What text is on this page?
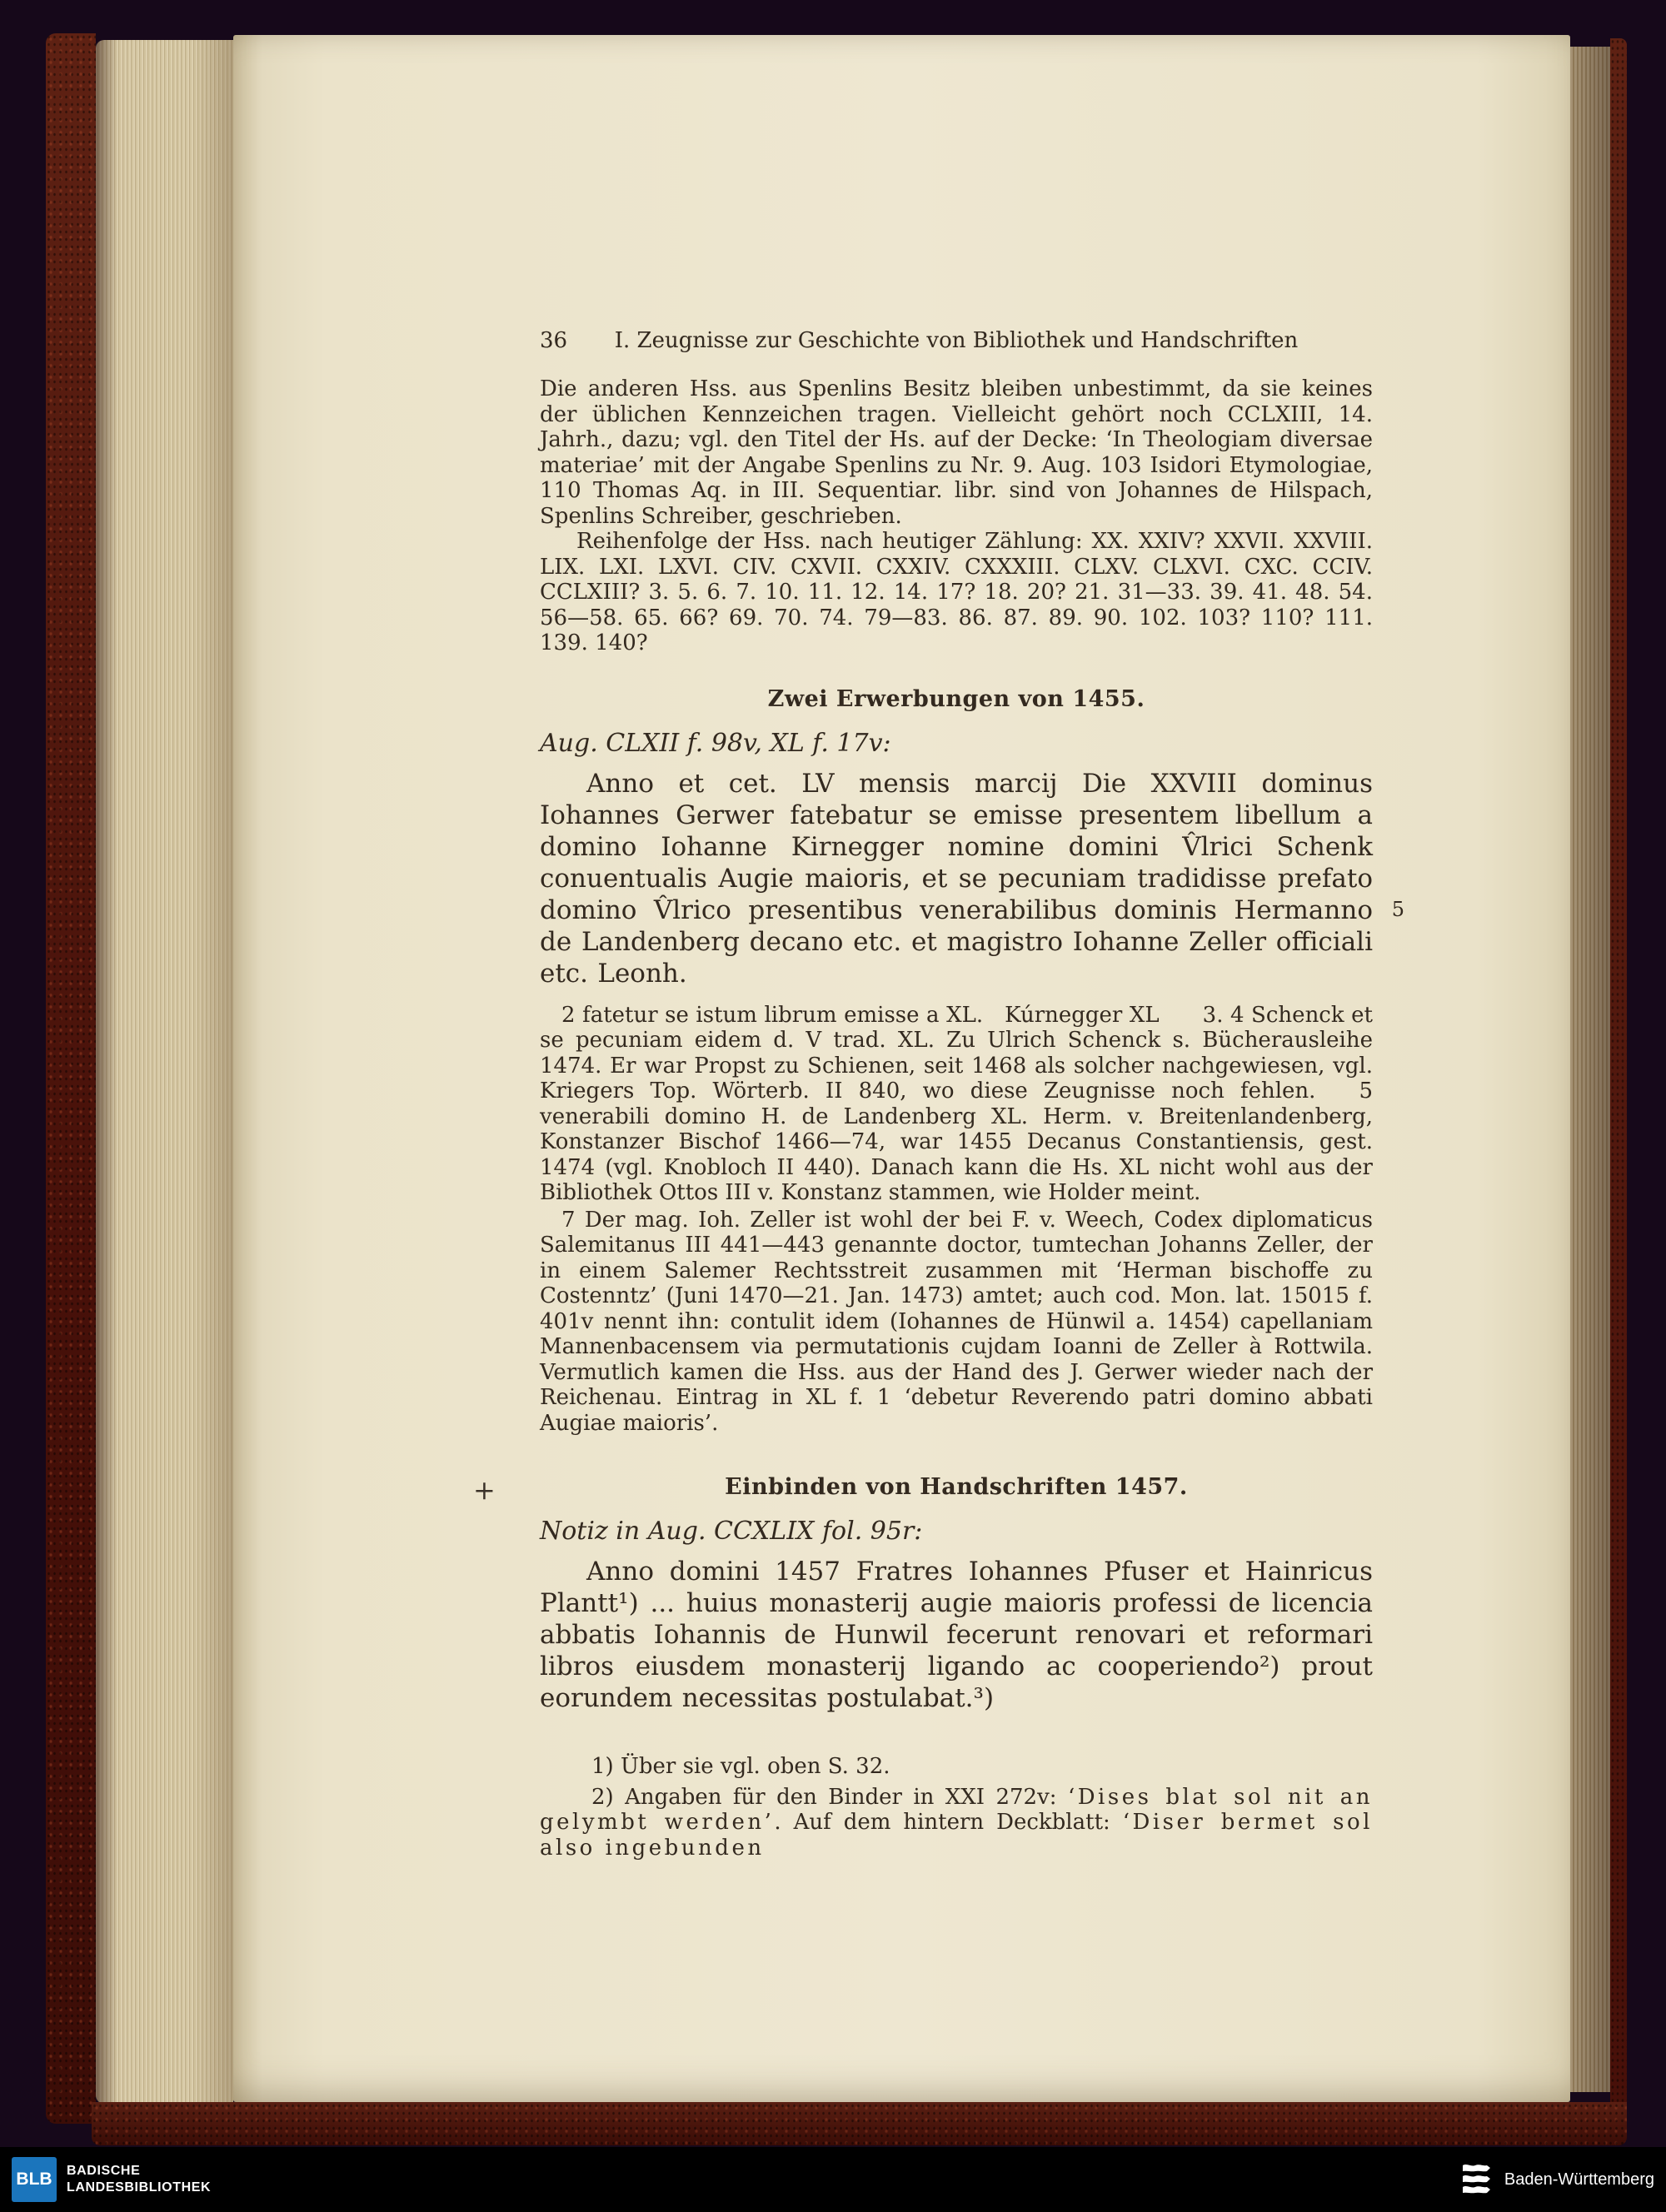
36 I. Zeugnisse zur Geschichte von Bibliothek und Handschriften

Die anderen Hss. aus Spenlins Besitz bleiben unbestimmt, da sie keines der üblichen Kennzeichen tragen. Vielleicht gehört noch CCLXIII, 14. Jahrh., dazu; vgl. den Titel der Hs. auf der Decke: ‘In Theologiam diversae materiae’ mit der Angabe Spenlins zu Nr. 9. Aug. 103 Isidori Etymologiae, 110 Thomas Aq. in III. Sequentiar. libr. sind von Johannes de Hilspach, Spenlins Schreiber, geschrieben.

Reihenfolge der Hss. nach heutiger Zählung: XX. XXIV? XXVII. XXVIII. LIX. LXI. LXVI. CIV. CXVII. CXXIV. CXXXIII. CLXV. CLXVI. CXC. CCIV. CCLXIII? 3. 5. 6. 7. 10. 11. 12. 14. 17? 18. 20? 21. 31—33. 39. 41. 48. 54. 56—58. 65. 66? 69. 70. 74. 79—83. 86. 87. 89. 90. 102. 103? 110? 111. 139. 140?

Zwei Erwerbungen von 1455.

Aug. CLXII f. 98v, XL f. 17v:

Anno et cet. LV mensis marcij Die XXVIII dominus Iohannes Gerwer fatebatur se emisse presentem libellum a domino Iohanne Kirnegger nomine domini V̂lrici Schenk conuentualis Augie maioris, et se pecuniam tradidisse prefato domino V̂lrico presentibus venerabilibus dominis Hermanno de Landenberg decano etc. et magistro Iohanne Zeller officiali etc. Leonh.

5

2 fatetur se istum librum emisse a XL. Kúrnegger XL  3. 4 Schenck et se pecuniam eidem d. V trad. XL. Zu Ulrich Schenck s. Bücherausleihe 1474. Er war Propst zu Schienen, seit 1468 als solcher nachgewiesen, vgl. Kriegers Top. Wörterb. II 840, wo diese Zeugnisse noch fehlen.  5 venerabili domino H. de Landenberg XL. Herm. v. Breitenlandenberg, Konstanzer Bischof 1466—74, war 1455 Decanus Constantiensis, gest. 1474 (vgl. Knobloch II 440). Danach kann die Hs. XL nicht wohl aus der Bibliothek Ottos III v. Konstanz stammen, wie Holder meint.

7 Der mag. Ioh. Zeller ist wohl der bei F. v. Weech, Codex diplomaticus Salemitanus III 441—443 genannte doctor, tumtechan Johanns Zeller, der in einem Salemer Rechtsstreit zusammen mit ‘Herman bischoffe zu Costenntz’ (Juni 1470—21. Jan. 1473) amtet; auch cod. Mon. lat. 15015 f. 401v nennt ihn: contulit idem (Iohannes de Hünwil a. 1454) capellaniam Mannenbacensem via permutationis cujdam Ioanni de Zeller à Rottwila. Vermutlich kamen die Hss. aus der Hand des J. Gerwer wieder nach der Reichenau. Eintrag in XL f. 1 ‘debetur Reverendo patri domino abbati Augiae maioris’.

+	Einbinden von Handschriften 1457.

Notiz in Aug. CCXLIX fol. 95r:

Anno domini 1457 Fratres Iohannes Pfuser et Hainricus Plantt¹) ... huius monasterij augie maioris professi de licencia abbatis Iohannis de Hunwil fecerunt renovari et reformari libros eiusdem monasterij ligando ac cooperiendo²) prout eorundem necessitas postulabat.³)

1) Über sie vgl. oben S. 32.

2) Angaben für den Binder in XXI 272v: ‘Dises blat sol nit an gelymbt werden’. Auf dem hintern Deckblatt: ‘Diser bermet sol also ingebunden

BLB	BADISCHE
LANDESBIBLIOTHEK	Baden-Württemberg
